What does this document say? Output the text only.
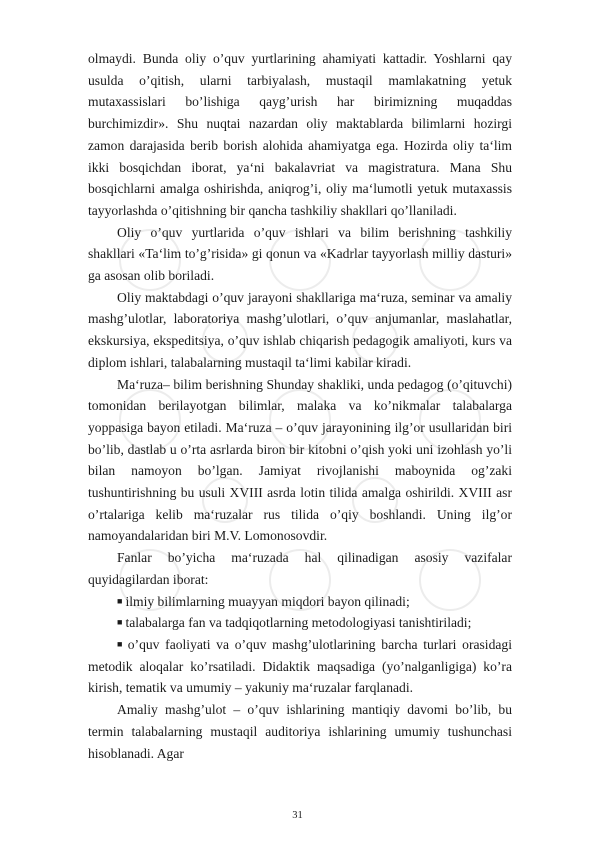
olmaydi. Bunda oliy o’quv yurtlarining ahamiyati kattadir. Yoshlarni qay usulda o’qitish, ularni tarbiyalash, mustaqil mamlakatning yetuk mutaxassislari bo’lishiga qayg’urish har birimizning muqaddas burchimizdir». Shu nuqtai nazardan oliy maktablarda bilimlarni hozirgi zamon darajasida berib borish alohida ahamiyatga ega. Hozirda oliy ta‘lim ikki bosqichdan iborat, ya‘ni bakalavriat va magistratura. Mana Shu bosqichlarni amalga oshirishda, aniqrog’i, oliy ma‘lumotli yetuk mutaxassis tayyorlashda o’qitishning bir qancha tashkiliy shakllari qo’llaniladi.

Oliy o’quv yurtlarida o’quv ishlari va bilim berishning tashkiliy shakllari «Ta‘lim to’g’risida» gi qonun va «Kadrlar tayyorlash milliy dasturi» ga asosan olib boriladi.

Oliy maktabdagi o’quv jarayoni shakllariga ma‘ruza, seminar va amaliy mashg’ulotlar, laboratoriya mashg’ulotlari, o’quv anjumanlar, maslahatlar, ekskursiya, ekspeditsiya, o’quv ishlab chiqarish pedagogik amaliyoti, kurs va diplom ishlari, talabalarning mustaqil ta‘limi kabilar kiradi.

Ma‘ruza– bilim berishning Shunday shakliki, unda pedagog (o’qituvchi) tomonidan berilayotgan bilimlar, malaka va ko’nikmalar talabalarga yoppasiga bayon etiladi. Ma‘ruza – o’quv jarayonining ilg’or usullaridan biri bo’lib, dastlab u o’rta asrlarda biron bir kitobni o’qish yoki uni izohlash yo’li bilan namoyon bo’lgan. Jamiyat rivojlanishi maboynida og’zaki tushuntirishning bu usuli XVIII asrda lotin tilida amalga oshirildi. XVIII asr o’rtalariga kelib ma‘ruzalar rus tilida o’qiy boshlandi. Uning ilg’or namoyandalaridan biri M.V. Lomonosovdir.

Fanlar bo’yicha ma‘ruzada hal qilinadigan asosiy vazifalar quyidagilardan iborat:

■ ilmiy bilimlarning muayyan miqdori bayon qilinadi;

■ talabalarga fan va tadqiqotlarning metodologiyasi tanishtiriladi;

■ o’quv faoliyati va o’quv mashg’ulotlarining barcha turlari orasidagi metodik aloqalar ko’rsatiladi. Didaktik maqsadiga (yo’nalganligiga) ko’ra kirish, tematik va umumiy – yakuniy ma‘ruzalar farqlanadi.

Amaliy mashg’ulot – o’quv ishlarining mantiqiy davomi bo’lib, bu termin talabalarning mustaqil auditoriya ishlarining umumiy tushunchasi hisoblanadi. Agar

31
